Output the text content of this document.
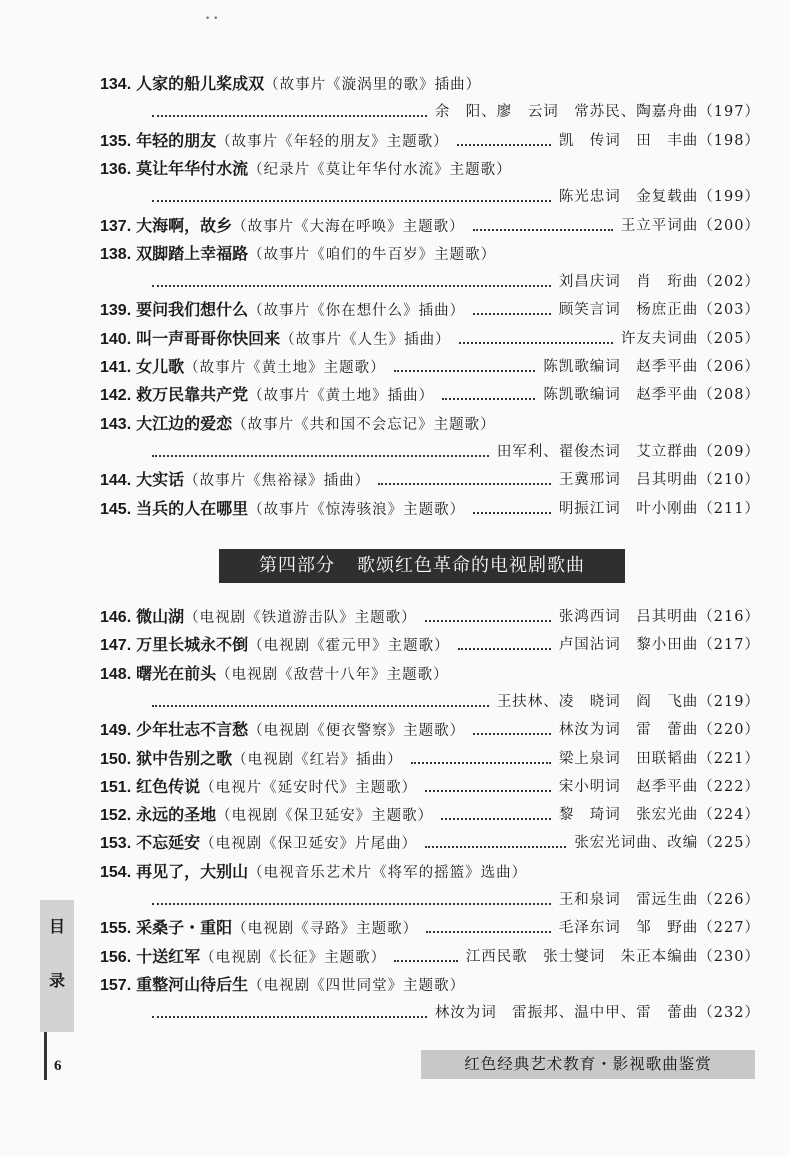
• •
134. 人家的船儿桨成双（故事片《漩涡里的歌》插曲）
余　阳、廖　云词　常苏民、陶嘉舟曲（197）
135. 年轻的朋友（故事片《年轻的朋友》主题歌）	凯　传词　田　丰曲（198）
136. 莫让年华付水流（纪录片《莫让年华付水流》主题歌）
陈光忠词　金复载曲（199）
137. 大海啊，故乡（故事片《大海在呼唤》主题歌）	王立平词曲（200）
138. 双脚踏上幸福路（故事片《咱们的牛百岁》主题歌）
刘昌庆词　肖　珩曲（202）
139. 要问我们想什么（故事片《你在想什么》插曲）	顾笑言词　杨庶正曲（203）
140. 叫一声哥哥你快回来（故事片《人生》插曲）	许友夫词曲（205）
141. 女儿歌（故事片《黄土地》主题歌）	陈凯歌编词　赵季平曲（206）
142. 救万民靠共产党（故事片《黄土地》插曲）	陈凯歌编词　赵季平曲（208）
143. 大江边的爱恋（故事片《共和国不会忘记》主题歌）
田军利、翟俊杰词　艾立群曲（209）
144. 大实话（故事片《焦裕禄》插曲）	王冀邢词　吕其明曲（210）
145. 当兵的人在哪里（故事片《惊涛骇浪》主题歌）	明振江词　叶小刚曲（211）
146. 微山湖（电视剧《铁道游击队》主题歌）	张鸿西词　吕其明曲（216）
147. 万里长城永不倒（电视剧《霍元甲》主题歌）	卢国沾词　黎小田曲（217）
148. 曙光在前头（电视剧《敌营十八年》主题歌）
王扶林、凌　晓词　阎　飞曲（219）
149. 少年壮志不言愁（电视剧《便衣警察》主题歌）	林汝为词　雷　蕾曲（220）
150. 狱中告别之歌（电视剧《红岩》插曲）	梁上泉词　田联韬曲（221）
151. 红色传说（电视片《延安时代》主题歌）	宋小明词　赵季平曲（222）
152. 永远的圣地（电视剧《保卫延安》主题歌）	黎　琦词　张宏光曲（224）
153. 不忘延安（电视剧《保卫延安》片尾曲）	张宏光词曲、改编（225）
154. 再见了，大别山（电视音乐艺术片《将军的摇篮》选曲）
王和泉词　雷远生曲（226）
155. 采桑子・重阳（电视剧《寻路》主题歌）	毛泽东词　邹　野曲（227）
156. 十送红军（电视剧《长征》主题歌）	江西民歌　张士燮词　朱正本编曲（230）
157. 重整河山待后生（电视剧《四世同堂》主题歌）
林汝为词　雷振邦、温中甲、雷　蕾曲（232）
第四部分 歌颂红色革命的电视剧歌曲
目
录
6	红色经典艺术教育・影视歌曲鉴赏
